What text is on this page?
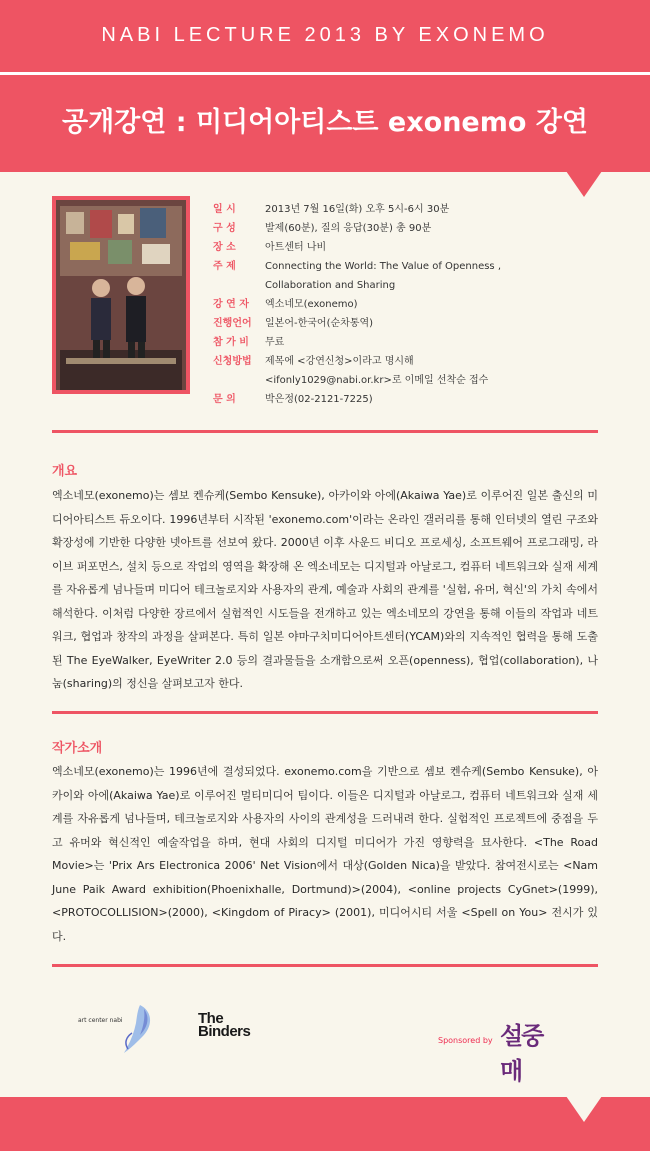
NABI LECTURE 2013 BY EXONEMO
공개강연 : 미디어아티스트 exonemo 강연
일 시	2013년 7월 16일(화) 오후 5시-6시 30분
구 성	발제(60분), 질의 응답(30분) 총 90분
장 소	아트센터 나비
주 제	Connecting the World: The Value of Openness ,
Collaboration and Sharing
강 연 자	엑소네모(exonemo)
진행언어	일본어-한국어(순차통역)
참 가 비	무료
신청방법	제목에 <강연신청>이라고 명시해
<ifonly1029@nabi.or.kr>로 이메일 선착순 접수
문 의	박은정(02-2121-7225)
개요
엑소네모(exonemo)는 셈보 켄슈케(Sembo Kensuke), 아카이와 아에(Akaiwa Yae)로 이루어진 일본 출신의 미디어아티스트 듀오이다. 1996년부터 시작된 'exonemo.com'이라는 온라인 갤러리를 통해 인터넷의 열린 구조와 확장성에 기반한 다양한 넷아트를 선보여 왔다. 2000년 이후 사운드 비디오 프로세싱, 소프트웨어 프로그래밍, 라이브 퍼포먼스, 설치 등으로 작업의 영역을 확장해 온 엑소네모는 디지털과 아날로그, 컴퓨터 네트워크와 실재 세계를 자유롭게 넘나들며 미디어 테크놀로지와 사용자의 관계, 예술과 사회의 관계를 '실험, 유머, 혁신'의 가치 속에서 해석한다. 이처럼 다양한 장르에서 실험적인 시도들을 전개하고 있는 엑소네모의 강연을 통해 이들의 작업과 네트워크, 협업과 창작의 과정을 살펴본다. 특히 일본 야마구치미디어아트센터(YCAM)와의 지속적인 협력을 통해 도출된 The EyeWalker, EyeWriter 2.0 등의 결과물들을 소개함으로써 오픈(openness), 협업(collaboration), 나눔(sharing)의 정신을 살펴보고자 한다.
작가소개
엑소네모(exonemo)는 1996년에 결성되었다. exonemo.com을 기반으로 셈보 켄슈케(Sembo Kensuke), 아카이와 아에(Akaiwa Yae)로 이루어진 멀티미디어 팀이다. 이들은 디지털과 아날로그, 컴퓨터 네트워크와 실재 세계를 자유롭게 넘나들며, 테크놀로지와 사용자의 사이의 관계성을 드러내려 한다. 실험적인 프로젝트에 중점을 두고 유머와 혁신적인 예술작업을 하며, 현대 사회의 디지털 미디어가 가진 영향력을 묘사한다. <The Road Movie>는 'Prix Ars Electronica 2006' Net Vision에서 대상(Golden Nica)을 받았다. 참여전시로는 <Nam June Paik Award exhibition(Phoenixhalle, Dortmund)>(2004), <online projects CyGnet>(1999), <PROTOCOLLISION>(2000), <Kingdom of Piracy> (2001), 미디어시티 서울 <Spell on You> 전시가 있다.
art center nabi	The Binders
Sponsored by 설중매
